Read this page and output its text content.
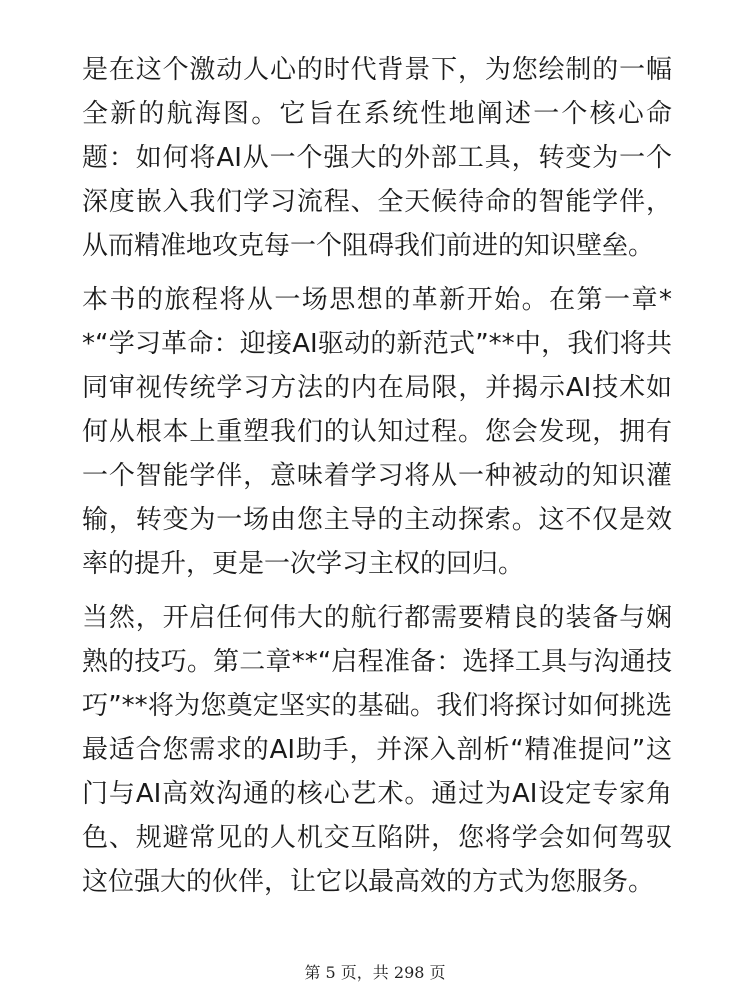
是在这个激动人心的时代背景下，为您绘制的一幅全新的航海图。它旨在系统性地阐述一个核心命题：如何将AI从一个强大的外部工具，转变为一个深度嵌入我们学习流程、全天候待命的智能学伴，从而精准地攻克每一个阻碍我们前进的知识壁垒。

本书的旅程将从一场思想的革新开始。在第一章**“学习革命：迎接AI驱动的新范式”**中，我们将共同审视传统学习方法的内在局限，并揭示AI技术如何从根本上重塑我们的认知过程。您会发现，拥有一个智能学伴，意味着学习将从一种被动的知识灌输，转变为一场由您主导的主动探索。这不仅是效率的提升，更是一次学习主权的回归。

当然，开启任何伟大的航行都需要精良的装备与娴熟的技巧。第二章**“启程准备：选择工具与沟通技巧”**将为您奠定坚实的基础。我们将探讨如何挑选最适合您需求的AI助手，并深入剖析“精准提问”这门与AI高效沟通的核心艺术。通过为AI设定专家角色、规避常见的人机交互陷阱，您将学会如何驾驭这位强大的伙伴，让它以最高效的方式为您服务。

第 5 页，共 298 页
